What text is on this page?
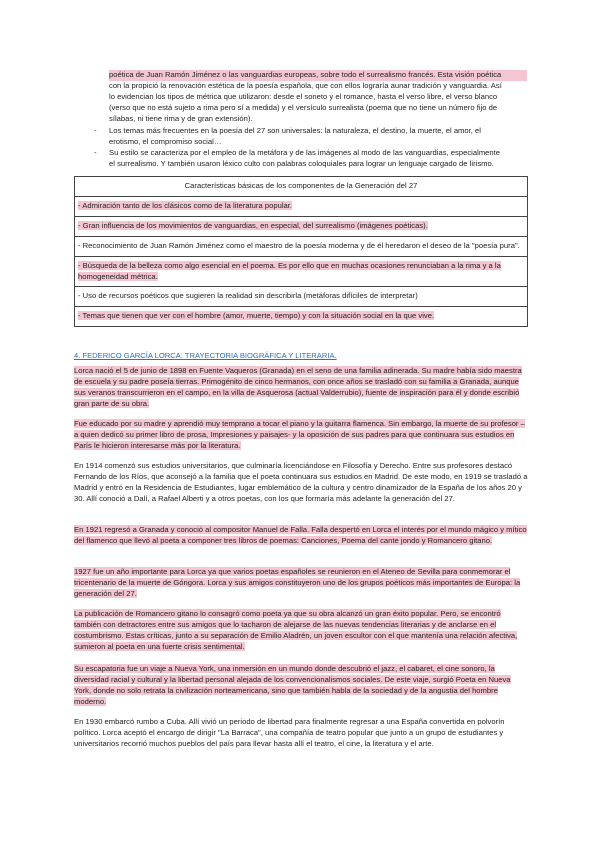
poética de Juan Ramón Jiménez o las vanguardias europeas, sobre todo el surrealismo francés. Esta visión poética
con la propició la renovación estética de la poesía española, que con ellos lograría aunar tradición y vanguardia. Así
lo evidencian los tipos de métrica que utilizaron: desde el soneto y el romance, hasta el verso libre, el verso blanco
(verso que no está sujeto a rima pero sí a medida) y el versículo surrealista (poema que no tiene un número fijo de
sílabas, ni tiene rima y de gran extensión).
-	Los temas más frecuentes en la poesía del 27 son universales: la naturaleza, el destino, la muerte, el amor, el
erotismo, el compromiso social…
-	Su estilo se caracteriza por el empleo de la metáfora y de las imágenes al modo de las vanguardias, especialmente
el surrealismo. Y también usaron léxico culto con palabras coloquiales para lograr un lenguaje cargado de lirismo.
Características básicas de los componentes de la Generación del 27
- Admiración tanto de los clásicos como de la literatura popular.
- Gran influencia de los movimientos de vanguardias, en especial, del surrealismo (imágenes poéticas).
- Reconocimiento de Juan Ramón Jiménez como el maestro de la poesía moderna y de él heredaron el deseo de la "poesía pura".
- Búsqueda de la belleza como algo esencial en el poema. Es por ello que en muchas ocasiones renunciaban a la rima y a la homogeneidad métrica.
- Uso de recursos poéticos que sugieren la realidad sin describirla (metáforas difíciles de interpretar)
- Temas que tienen que ver con el hombre (amor, muerte, tiempo) y con la situación social en la que vive.
4. FEDERICO GARCÍA LORCA: TRAYECTORIA BIOGRÁFICA Y LITERARIA.
Lorca nació el 5 de junio de 1898 en Fuente Vaqueros (Granada) en el seno de una familia adinerada. Su madre había sido maestra de escuela y su padre poseía tierras. Primogénito de cinco hermanos, con once años se trasladó con su familia a Granada, aunque sus veranos transcurrieron en el campo, en la villa de Asquerosa (actual Valderrubio), fuente de inspiración para él y donde escribió gran parte de su obra.
Fue educado por su madre y aprendió muy temprano a tocar el piano y la guitarra flamenca. Sin embargo, la muerte de su profesor – a quien dedicó su primer libro de prosa, Impresiones y paisajes- y la oposición de sus padres para que continuara sus estudios en París le hicieron interesarse más por la literatura.
En 1914 comenzó sus estudios universitarios, que culminaría licenciándose en Filosofía y Derecho. Entre sus profesores destacó Fernando de los Ríos, que aconsejó a la familia que el poeta continuara sus estudios en Madrid. De este modo, en 1919 se trasladó a Madrid y entró en la Residencia de Estudiantes, lugar emblemático de la cultura y centro dinamizador de la España de los años 20 y 30. Allí conoció a Dalí, a Rafael Alberti y a otros poetas, con los que formaría más adelante la generación del 27.
En 1921 regresó a Granada y conoció al compositor Manuel de Falla. Falla despertó en Lorca el interés por el mundo mágico y mítico del flamenco que llevó al poeta a componer tres libros de poemas: Canciones, Poema del cante jondo y Romancero gitano.
1927 fue un año importante para Lorca ya que varios poetas españoles se reunieron en el Ateneo de Sevilla para conmemorar el tricentenario de la muerte de Góngora. Lorca y sus amigos constituyeron uno de los grupos poéticos más importantes de Europa: la generación del 27.
La publicación de Romancero gitano lo consagró como poeta ya que su obra alcanzó un gran éxito popular. Pero, se encontró también con detractores entre sus amigos que lo tacharon de alejarse de las nuevas tendencias literarias y de anclarse en el costumbrismo. Estas críticas, junto a su separación de Emilio Aladrén, un joven escultor con el que mantenía una relación afectiva, sumieron al poeta en una fuerte crisis sentimental.
Su escapatoria fue un viaje a Nueva York, una inmersión en un mundo donde descubrió el jazz, el cabaret, el cine sonoro, la diversidad racial y cultural y la libertad personal alejada de los convencionalismos sociales. De este viaje, surgió Poeta en Nueva York, donde no solo retrata la civilización norteamericana, sino que también habla de la sociedad y de la angustia del hombre moderno.
En 1930 embarcó rumbo a Cuba. Allí vivió un periodo de libertad para finalmente regresar a una España convertida en polvorín político. Lorca aceptó el encargo de dirigir "La Barraca", una compañía de teatro popular que junto a un grupo de estudiantes y universitarios recorrió muchos pueblos del país para llevar hasta allí el teatro, el cine, la literatura y el arte.
